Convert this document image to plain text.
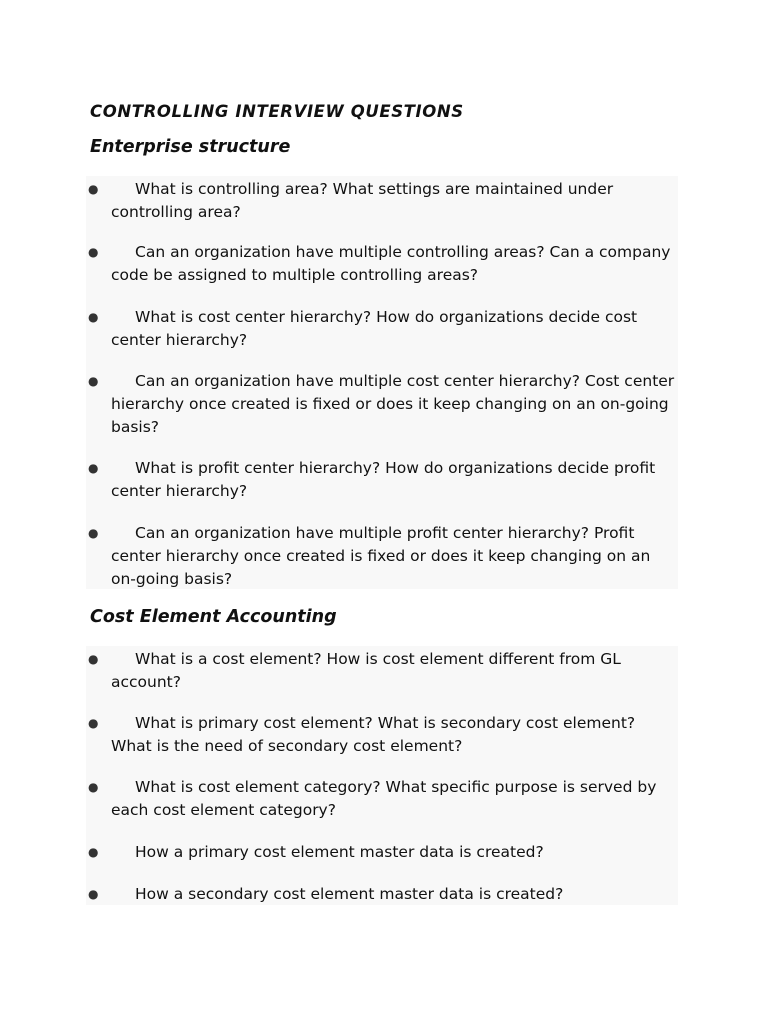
CONTROLLING INTERVIEW QUESTIONS
Enterprise structure
●	What is controlling area? What settings are maintained under controlling area?
●	Can an organization have multiple controlling areas? Can a company code be assigned to multiple controlling areas?
●	What is cost center hierarchy? How do organizations decide cost center hierarchy?
●	Can an organization have multiple cost center hierarchy? Cost center hierarchy once created is fixed or does it keep changing on an on-going basis?
●	What is profit center hierarchy? How do organizations decide profit center hierarchy?
●	Can an organization have multiple profit center hierarchy? Profit center hierarchy once created is fixed or does it keep changing on an on-going basis?
Cost Element Accounting
●	What is a cost element? How is cost element different from GL account?
●	What is primary cost element? What is secondary cost element? What is the need of secondary cost element?
●	What is cost element category? What specific purpose is served by each cost element category?
●	How a primary cost element master data is created?
●	How a secondary cost element master data is created?
